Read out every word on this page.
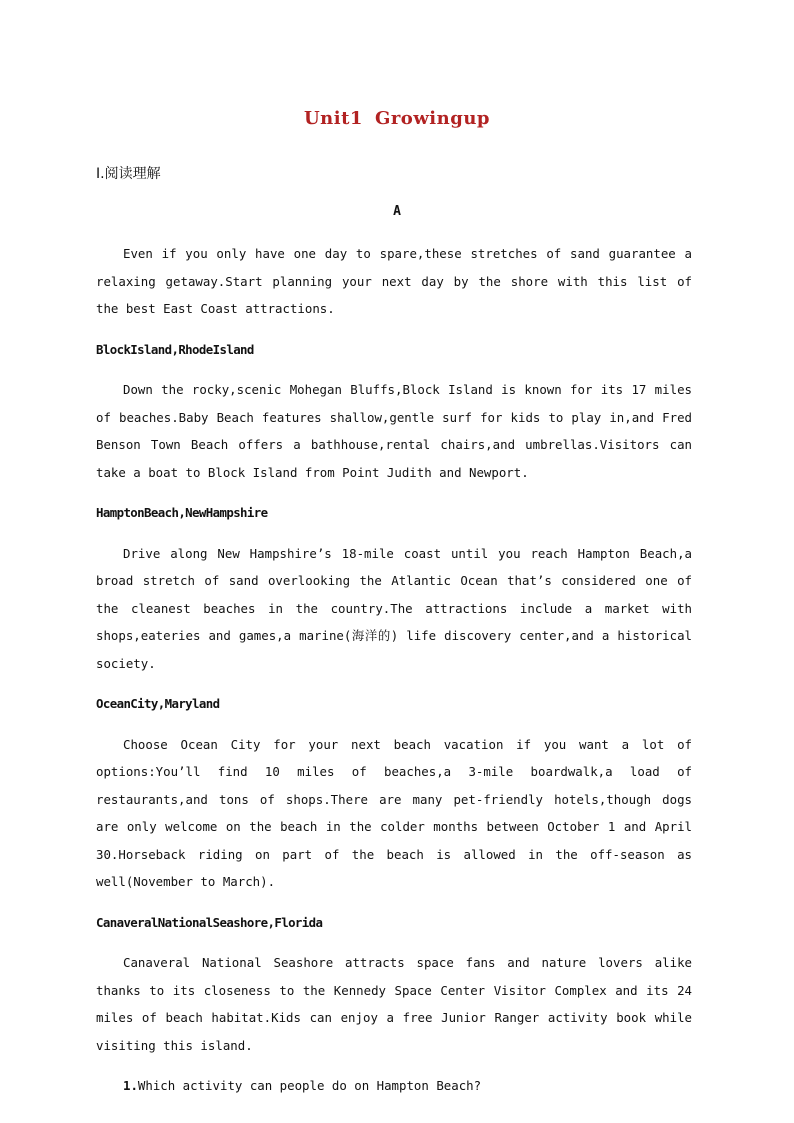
Unit1 Growingup
Ⅰ.阅读理解
A

Even if you only have one day to spare,these stretches of sand guarantee a relaxing getaway.Start planning your next day by the shore with this list of the best East Coast attractions.

BlockIsland,RhodeIsland

Down the rocky,scenic Mohegan Bluffs,Block Island is known for its 17 miles of beaches.Baby Beach features shallow,gentle surf for kids to play in,and Fred Benson Town Beach offers a bathhouse,rental chairs,and umbrellas.Visitors can take a boat to Block Island from Point Judith and Newport.

HamptonBeach,NewHampshire

Drive along New Hampshire’s 18-mile coast until you reach Hampton Beach,a broad stretch of sand overlooking the Atlantic Ocean that’s considered one of the cleanest beaches in the country.The attractions include a market with shops,eateries and games,a marine(海洋的) life discovery center,and a historical society.

OceanCity,Maryland

Choose Ocean City for your next beach vacation if you want a lot of options:You’ll find 10 miles of beaches,a 3-mile boardwalk,a load of restaurants,and tons of shops.There are many pet-friendly hotels,though dogs are only welcome on the beach in the colder months between October 1 and April 30.Horseback riding on part of the beach is allowed in the off-season as well(November to March).

CanaveralNationalSeashore,Florida

Canaveral National Seashore attracts space fans and nature lovers alike thanks to its closeness to the Kennedy Space Center Visitor Complex and its 24 miles of beach habitat.Kids can enjoy a free Junior Ranger activity book while visiting this island.

1.Which activity can people do on Hampton Beach?
